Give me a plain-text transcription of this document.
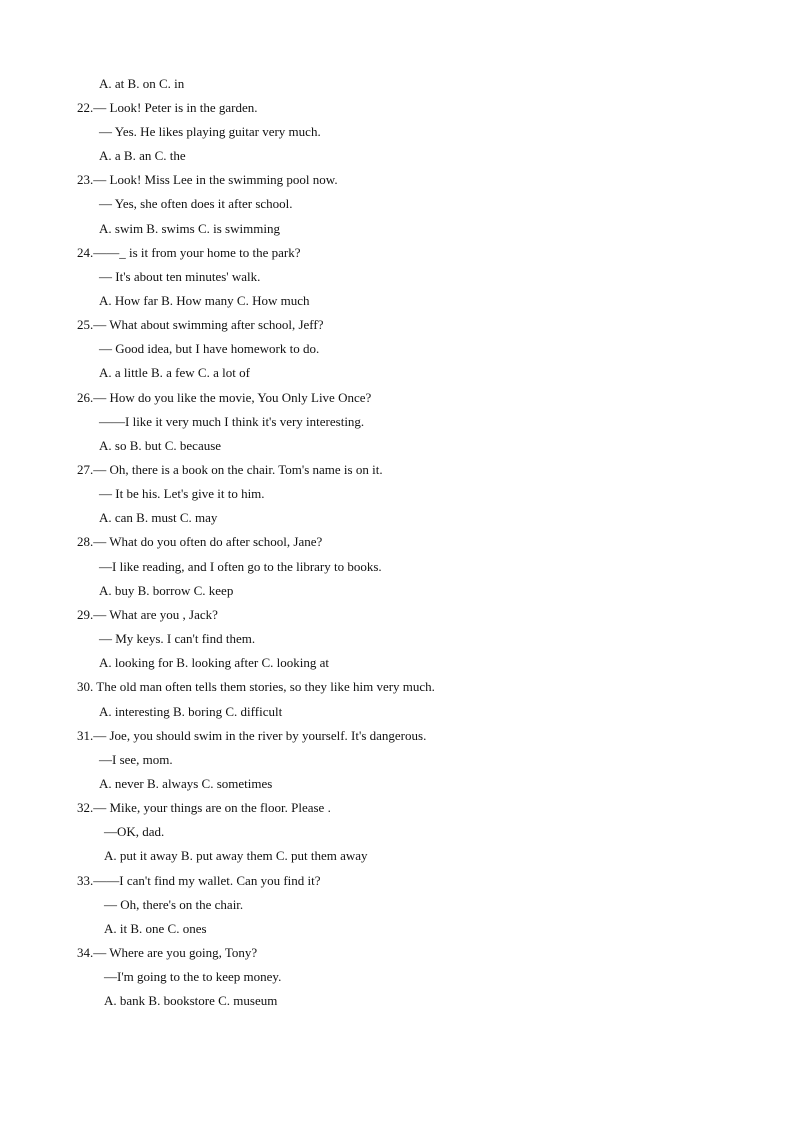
A. at B. on C. in
22.— Look! Peter is in the garden.
— Yes. He likes playing guitar very much.
A. a B. an C. the
23.— Look! Miss Lee in the swimming pool now.
— Yes, she often does it after school.
A. swim B. swims C. is swimming
24.——_ is it from your home to the park?
— It's about ten minutes' walk.
A. How far B. How many C. How much
25.— What about swimming after school, Jeff?
— Good idea, but I have homework to do.
A. a little B. a few C. a lot of
26.— How do you like the movie, You Only Live Once?
——I like it very much I think it's very interesting.
A. so B. but C. because
27.— Oh, there is a book on the chair. Tom's name is on it.
— It be his. Let's give it to him.
A. can B. must C. may
28.— What do you often do after school, Jane?
—I like reading, and I often go to the library to books.
A. buy B. borrow C. keep
29.— What are you , Jack?
— My keys. I can't find them.
A. looking for B. looking after C. looking at
30. The old man often tells them stories, so they like him very much.
A. interesting B. boring C. difficult
31.— Joe, you should swim in the river by yourself. It's dangerous.
—I see, mom.
A. never B. always C. sometimes
32.— Mike, your things are on the floor. Please .
—OK, dad.
A. put it away B. put away them C. put them away
33.——I can't find my wallet. Can you find it?
— Oh, there's on the chair.
A. it B. one C. ones
34.— Where are you going, Tony?
—I'm going to the to keep money.
A. bank B. bookstore C. museum
